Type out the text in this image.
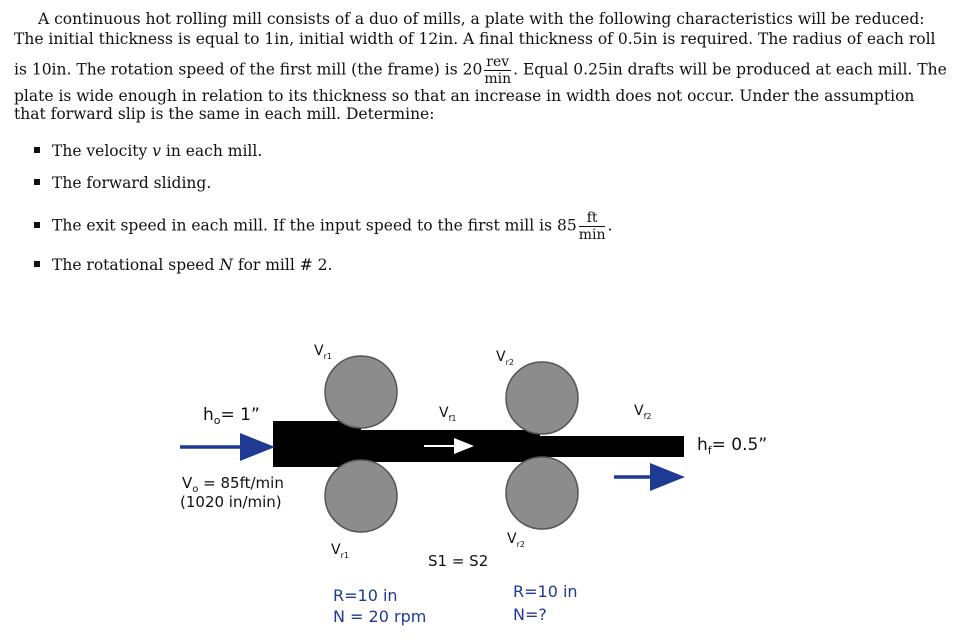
A continuous hot rolling mill consists of a duo of mills, a plate with the following characteristics will be reduced:
The initial thickness is equal to 1in, initial width of 12in. A final thickness of 0.5in is required. The radius of each roll
is 10in. The rotation speed of the first mill (the frame) is $20 \frac{\text{rev}}{\min}$ . Equal 0.25in drafts will be produced at each mill. The
plate is wide enough in relation to its thickness so that an increase in width does not occur. Under the assumption
that forward slip is the same in each mill. Determine:
The velocity v in each mill.
The forward sliding.
The exit speed in each mill. If the input speed to the first mill is $85 \frac{ft}{\min}$ .
The rotational speed N for mill # 2.
$h_o= 1$”
$V_o = 85ft/\min$
(1020 in/min)
$V_{r1}$
$V_{r1}$
$V_{f1}$
$V_{r2}$
$V_{r2}$
$V_{f2}$
$h_f= 0.5$”
S1 = S2
R=10 in
N = 20 rpm
R=10 in
N=?
